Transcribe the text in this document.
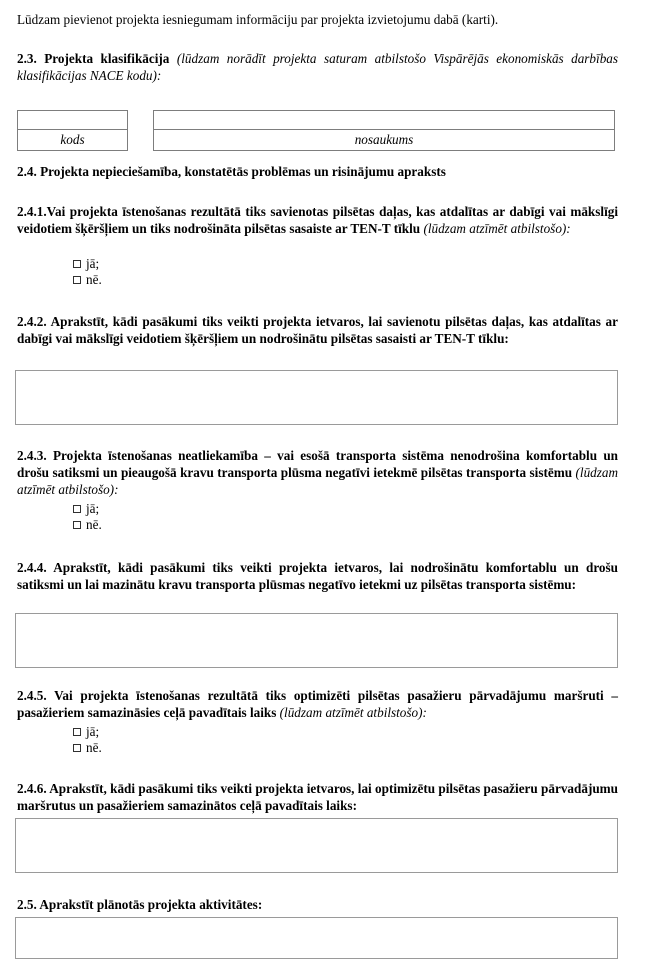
Lūdzam pievienot projekta iesniegumam informāciju par projekta izvietojumu dabā (karti).
2.3. Projekta klasifikācija (lūdzam norādīt projekta saturam atbilstošo Vispārējās ekonomiskās darbības klasifikācijas NACE kodu):
kods	nosaukums
2.4. Projekta nepieciešamība, konstatētās problēmas un risinājumu apraksts
2.4.1.Vai projekta īstenošanas rezultātā tiks savienotas pilsētas daļas, kas atdalītas ar dabīgi vai mākslīgi veidotiem šķēršļiem un tiks nodrošināta pilsētas sasaiste ar TEN-T tīklu (lūdzam atzīmēt atbilstošo):
jā;
nē.
2.4.2. Aprakstīt, kādi pasākumi tiks veikti projekta ietvaros, lai savienotu pilsētas daļas, kas atdalītas ar dabīgi vai mākslīgi veidotiem šķēršļiem un nodrošinātu pilsētas sasaisti ar TEN-T tīklu:
2.4.3. Projekta īstenošanas neatliekamība – vai esošā transporta sistēma nenodrošina komfortablu un drošu satiksmi un pieaugošā kravu transporta plūsma negatīvi ietekmē pilsētas transporta sistēmu (lūdzam atzīmēt atbilstošo):
jā;
nē.
2.4.4. Aprakstīt, kādi pasākumi tiks veikti projekta ietvaros, lai nodrošinātu komfortablu un drošu satiksmi un lai mazinātu kravu transporta plūsmas negatīvo ietekmi uz pilsētas transporta sistēmu:
2.4.5. Vai projekta īstenošanas rezultātā tiks optimizēti pilsētas pasažieru pārvadājumu maršruti – pasažieriem samazināsies ceļā pavadītais laiks (lūdzam atzīmēt atbilstošo):
jā;
nē.
2.4.6. Aprakstīt, kādi pasākumi tiks veikti projekta ietvaros, lai optimizētu pilsētas pasažieru pārvadājumu maršrutus un pasažieriem samazinātos ceļā pavadītais laiks:
2.5. Aprakstīt plānotās projekta aktivitātes:
